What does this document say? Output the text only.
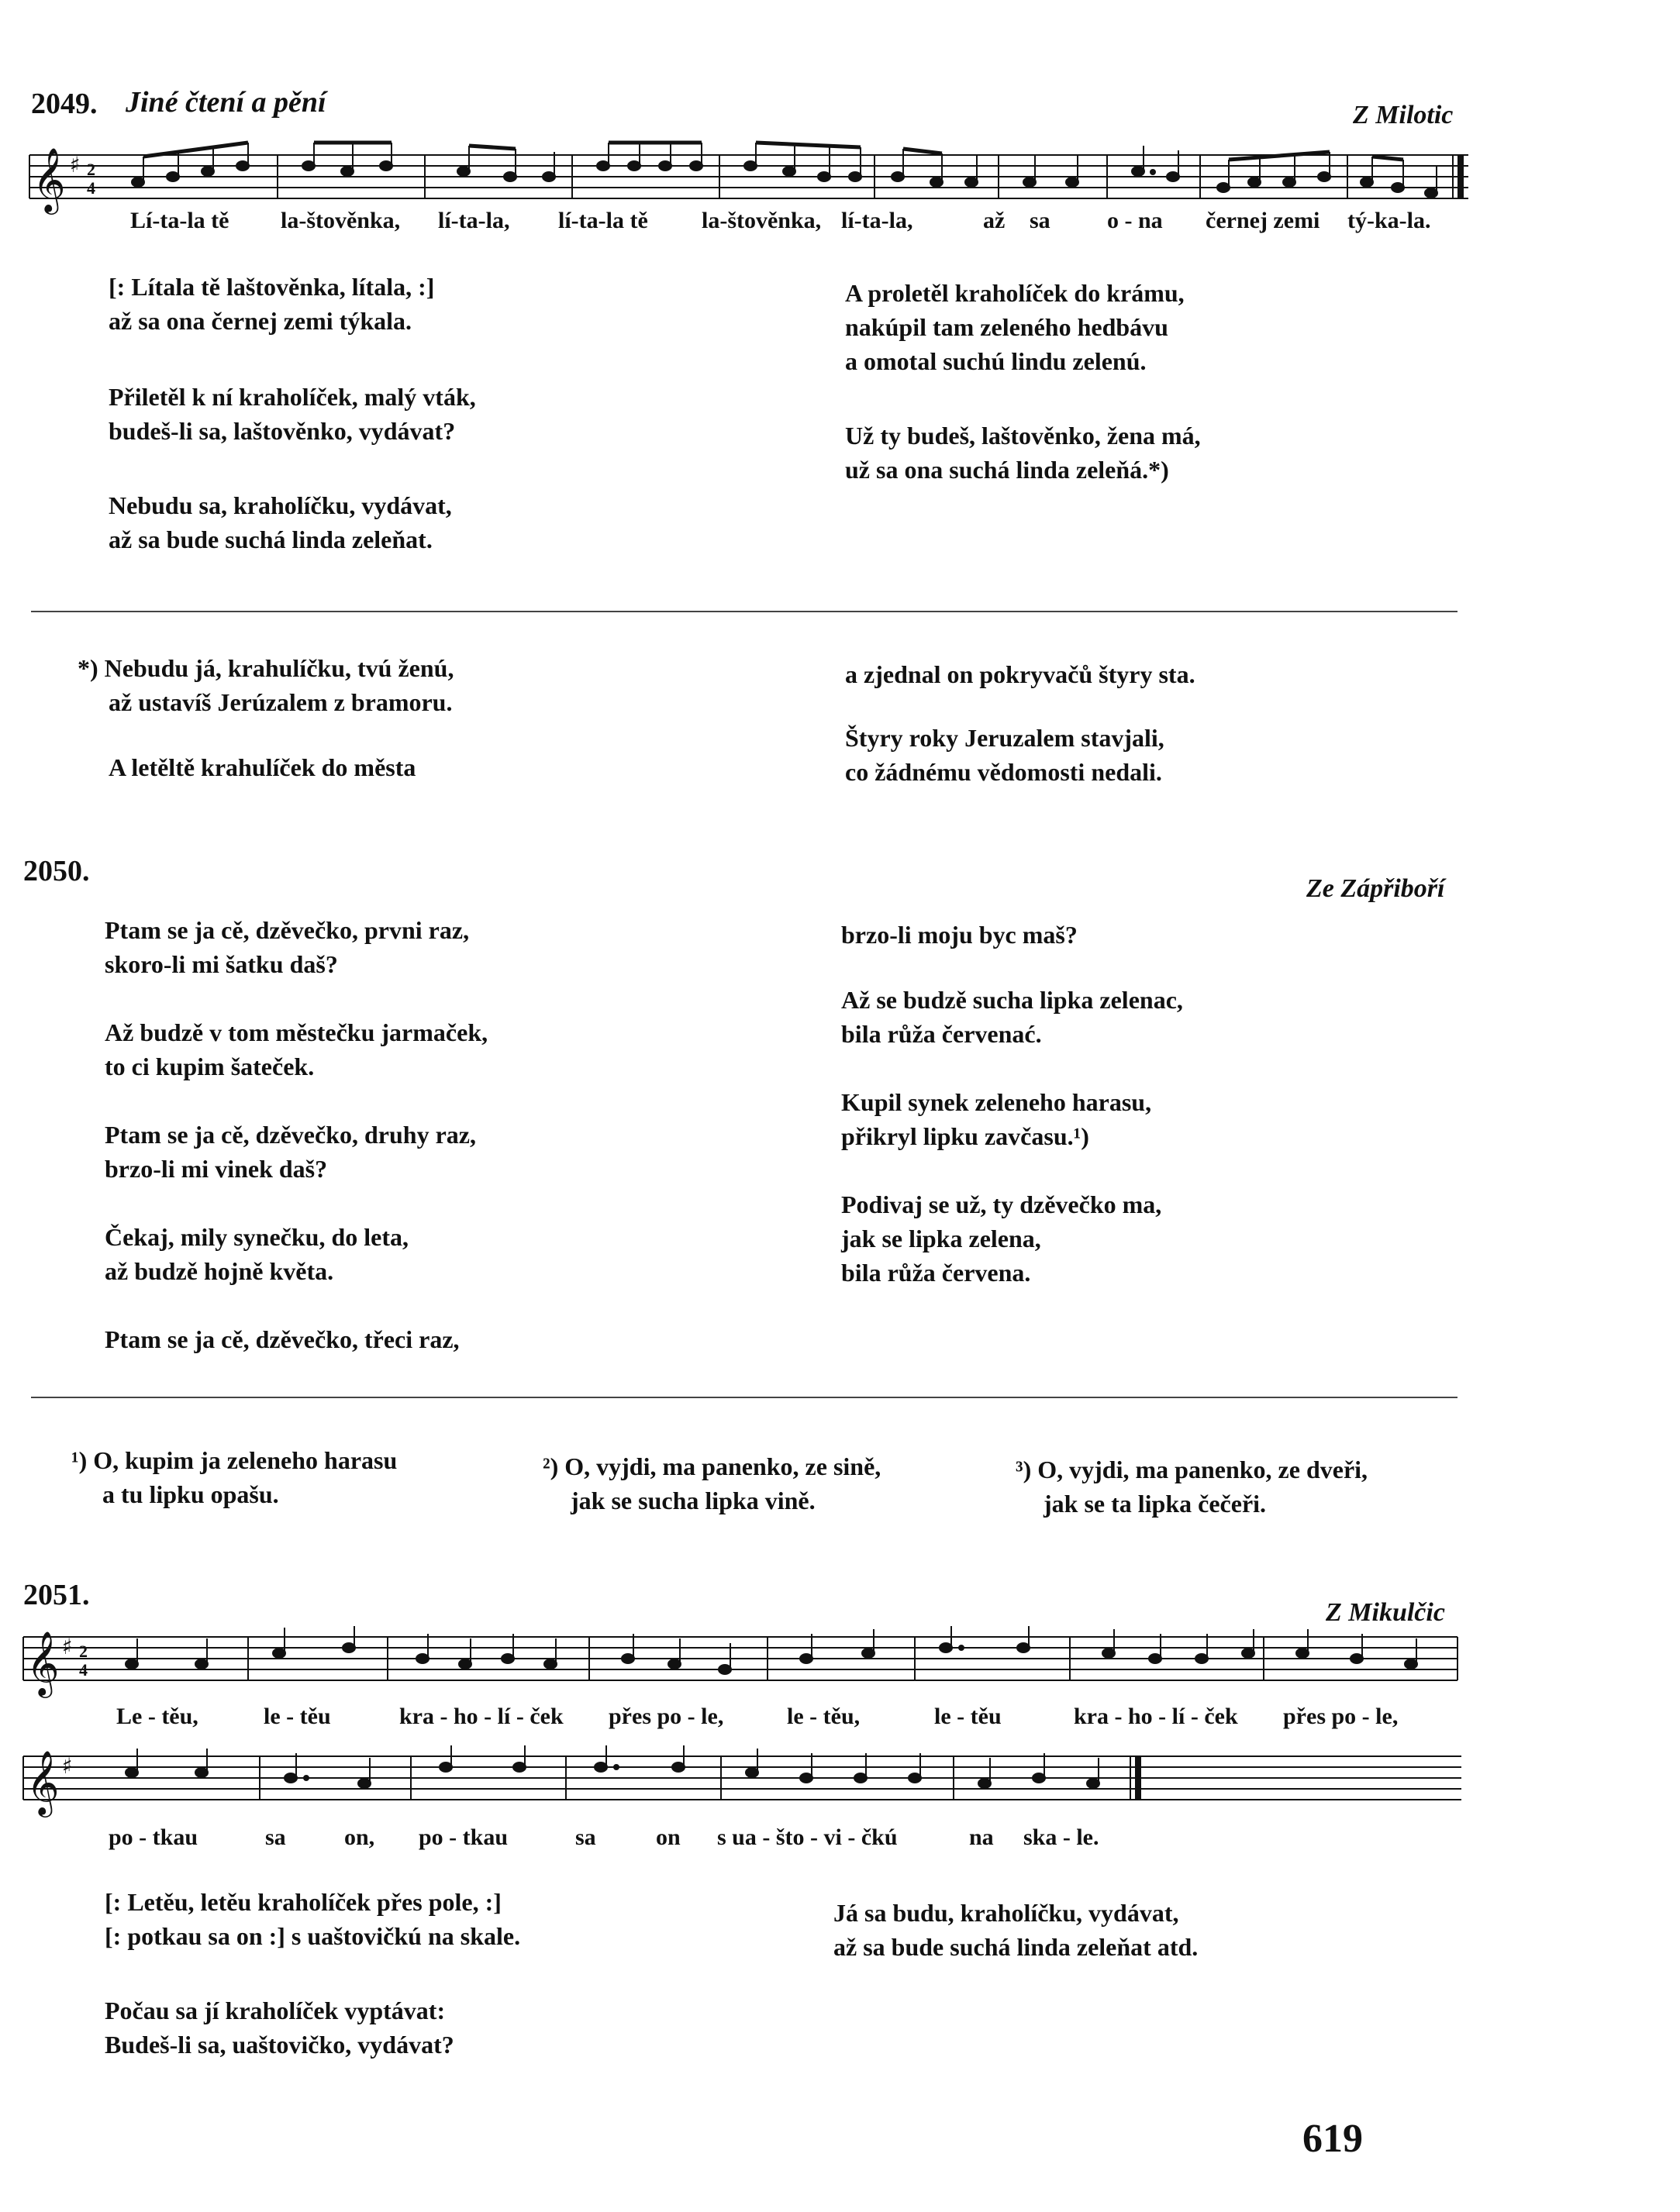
2049. Jiné čtení a pění	Z Milotic
𝄞 ♯ 2
4
Lí-ta-la tě la-štověnka, lí-ta-la, lí-ta-la tě la-štověnka, lí-ta-la,	až sa o - na černej zemi tý-ka-la.
[: Lítala tě laštověnka, lítala, :]
až sa ona černej zemi týkala.
Přiletěl k ní kraholíček, malý vták,
budeš-li sa, laštověnko, vydávat?
Nebudu sa, kraholíčku, vydávat,
až sa bude suchá linda zeleňat.
A proletěl kraholíček do krámu,
nakúpil tam zeleného hedbávu
a omotal suchú lindu zelenú.
Už ty budeš, laštověnko, žena má,
už sa ona suchá linda zeleňá.*)
*) Nebudu já, krahulíčku, tvú ženú,
až ustavíš Jerúzalem z bramoru.
A letěltě krahulíček do města
a zjednal on pokryvačů štyry sta.
Štyry roky Jeruzalem stavjali,
co žádnému vědomosti nedali.
2050.
Ze Zápřiboří
Ptam se ja cě, dzěvečko, prvni raz,
skoro-li mi šatku daš?
Až budzě v tom městečku jarmaček,
to ci kupim šateček.
Ptam se ja cě, dzěvečko, druhy raz,
brzo-li mi vinek daš?
Čekaj, mily synečku, do leta,
až budzě hojně květa.
Ptam se ja cě, dzěvečko, třeci raz,
brzo-li moju byc maš?
Až se budzě sucha lipka zelenac,
bila růža červenać.
Kupil synek zeleneho harasu,
přikryl lipku zavčasu.¹)
Podivaj se už, ty dzěvečko ma,
jak se lipka zelena,
bila růža červena.
¹) O, kupim ja zeleneho harasu
a tu lipku opašu.
²) O, vyjdi, ma panenko, ze sině,
jak se sucha lipka vině.
³) O, vyjdi, ma panenko, ze dveři,
jak se ta lipka čečeři.
2051.
Z Mikulčic
𝄞 ♯ 2
4
Le - těu,	le - těu	kra - ho - lí - ček přes po - le,	le - těu,	le - těu	kra - ho - lí - ček přes po - le,
𝄞 ♯
po - tkau	sa	on, po - tkau	sa	on s ua - što - vi - čkú	na ska - le.
[: Letěu, letěu kraholíček přes pole, :]
[: potkau sa on :] s uaštovičkú na skale.
Počau sa jí kraholíček vyptávat:
Budeš-li sa, uaštovičko, vydávat?
Já sa budu, kraholíčku, vydávat,
až sa bude suchá linda zeleňat atd.
619
